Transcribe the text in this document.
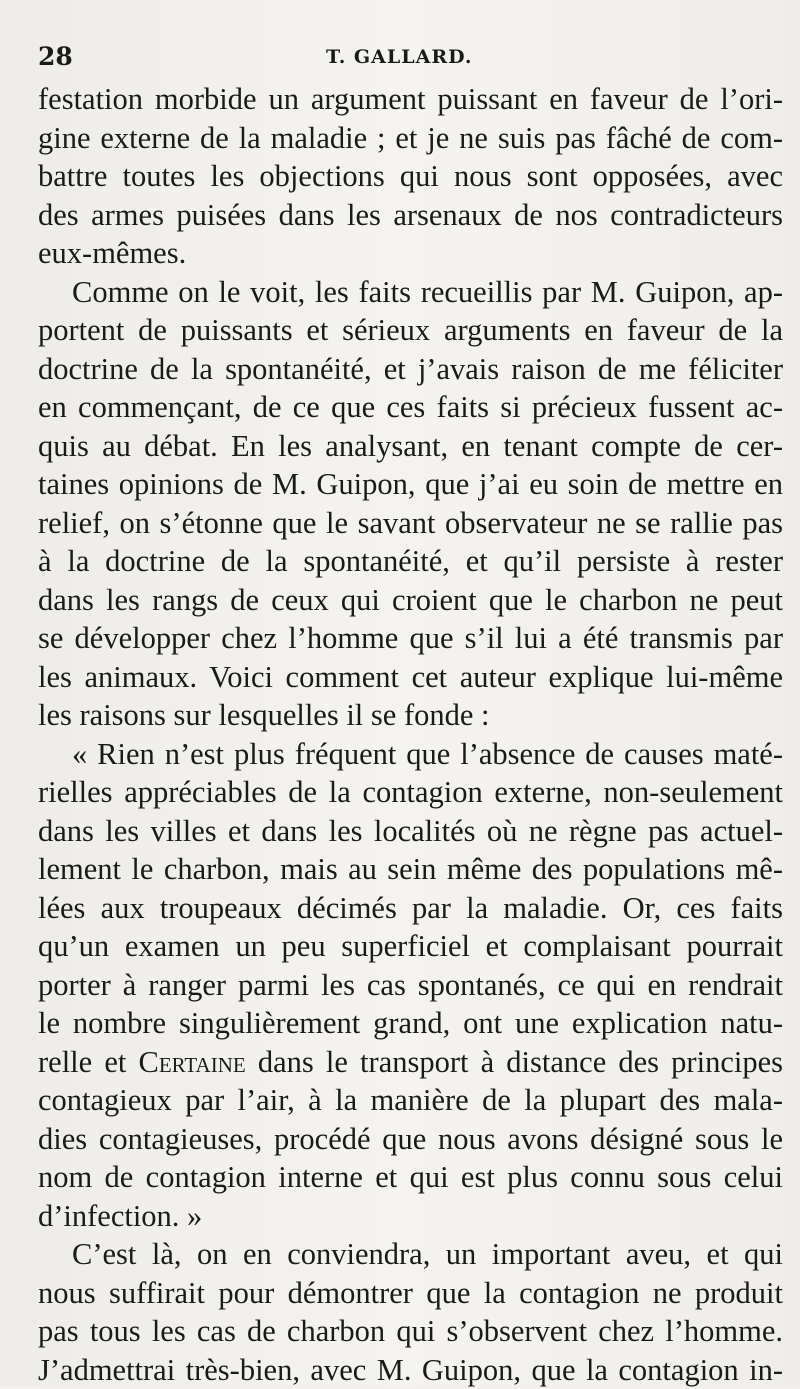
28	T. GALLARD.
festation morbide un argument puissant en faveur de l’ori-
gine externe de la maladie ; et je ne suis pas fâché de com-
battre toutes les objections qui nous sont opposées, avec
des armes puisées dans les arsenaux de nos contradicteurs
eux-mêmes.
Comme on le voit, les faits recueillis par M. Guipon, ap-
portent de puissants et sérieux arguments en faveur de la
doctrine de la spontanéité, et j’avais raison de me féliciter
en commençant, de ce que ces faits si précieux fussent ac-
quis au débat. En les analysant, en tenant compte de cer-
taines opinions de M. Guipon, que j’ai eu soin de mettre en
relief, on s’étonne que le savant observateur ne se rallie pas
à la doctrine de la spontanéité, et qu’il persiste à rester
dans les rangs de ceux qui croient que le charbon ne peut
se développer chez l’homme que s’il lui a été transmis par
les animaux. Voici comment cet auteur explique lui-même
les raisons sur lesquelles il se fonde :
« Rien n’est plus fréquent que l’absence de causes maté-
rielles appréciables de la contagion externe, non-seulement
dans les villes et dans les localités où ne règne pas actuel-
lement le charbon, mais au sein même des populations mê-
lées aux troupeaux décimés par la maladie. Or, ces faits
qu’un examen un peu superficiel et complaisant pourrait
porter à ranger parmi les cas spontanés, ce qui en rendrait
le nombre singulièrement grand, ont une explication natu-
relle et Certaine dans le transport à distance des principes
contagieux par l’air, à la manière de la plupart des mala-
dies contagieuses, procédé que nous avons désigné sous le
nom de contagion interne et qui est plus connu sous celui
d’infection. »
C’est là, on en conviendra, un important aveu, et qui
nous suffirait pour démontrer que la contagion ne produit
pas tous les cas de charbon qui s’observent chez l’homme.
J’admettrai très-bien, avec M. Guipon, que la contagion in-
